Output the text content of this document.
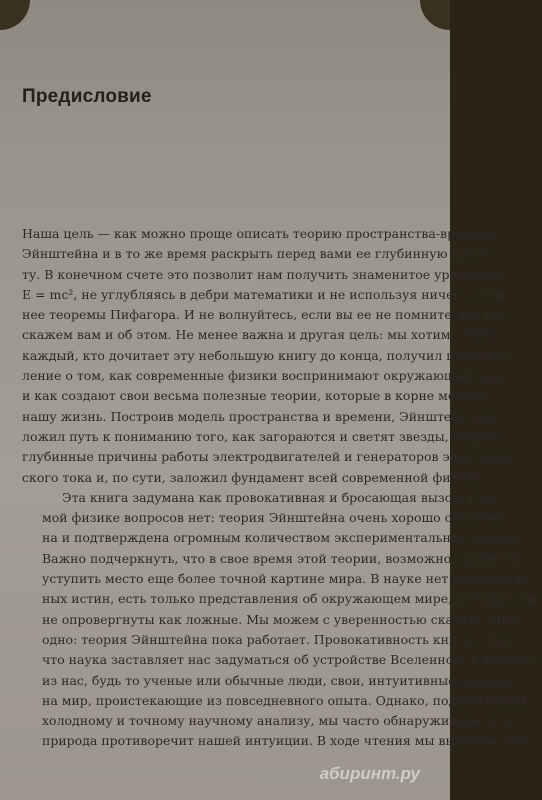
Предисловие

Наша цель — как можно проще описать теорию пространства-времени
Эйнштейна и в то же время раскрыть перед вами ее глубинную красо-
ту. В конечном счете это позволит нам получить знаменитое уравнение
E = mc², не углубляясь в дебри математики и не используя ничего слож-
нее теоремы Пифагора. И не волнуйтесь, если вы ее не помните, мы рас-
скажем вам и об этом. Не менее важна и другая цель: мы хотим, чтобы
каждый, кто дочитает эту небольшую книгу до конца, получил представ-
ление о том, как современные физики воспринимают окружающий мир
и как создают свои весьма полезные теории, которые в корне меняют
нашу жизнь. Построив модель пространства и времени, Эйнштейн про-
ложил путь к пониманию того, как загораются и светят звезды, открыл
глубинные причины работы электродвигателей и генераторов электриче-
ского тока и, по сути, заложил фундамент всей современной физики.

Эта книга задумана как провокативная и бросающая вызов. К са-
мой физике вопросов нет: теория Эйнштейна очень хорошо обоснова-
на и подтверждена огромным количеством экспериментальных данных.
Важно подчеркнуть, что в свое время этой теории, возможно, придется
уступить место еще более точной картине мира. В науке нет универсаль-
ных истин, есть только представления об окружающем мире, которые еще
не опровергнуты как ложные. Мы можем с уверенностью сказать лишь
одно: теория Эйнштейна пока работает. Провокативность книги в том,
что наука заставляет нас задуматься об устройстве Вселенной. У каждого
из нас, будь то ученые или обычные люди, свои, интуитивные взгляды
на мир, проистекающие из повседневного опыта. Однако, подвергнув их
холодному и точному научному анализу, мы часто обнаруживаем, что
природа противоречит нашей интуиции. В ходе чтения мы выясним, что

абиринт.ру
